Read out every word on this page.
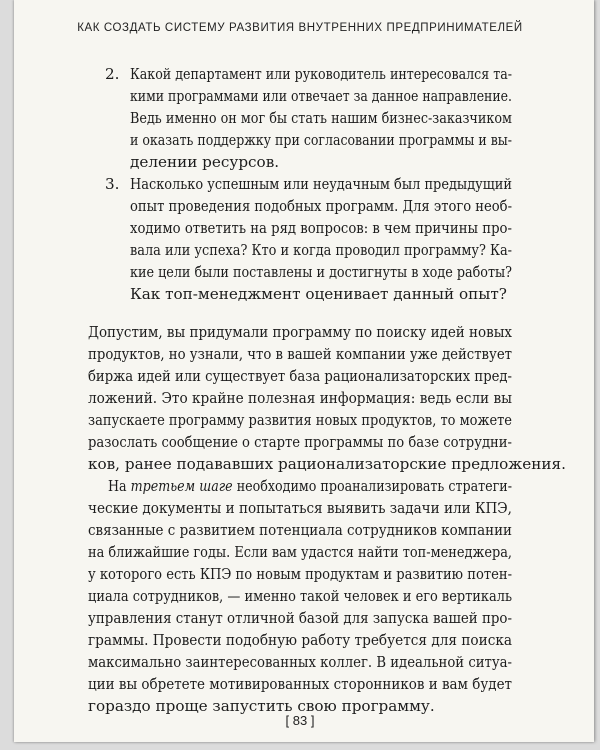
КАК СОЗДАТЬ СИСТЕМУ РАЗВИТИЯ ВНУТРЕННИХ ПРЕДПРИНИМАТЕЛЕЙ
2. Какой департамент или руководитель интересовался та-
кими программами или отвечает за данное направление.
Ведь именно он мог бы стать нашим бизнес-заказчиком
и оказать поддержку при согласовании программы и вы-
делении ресурсов.
3. Насколько успешным или неудачным был предыдущий
опыт проведения подобных программ. Для этого необ-
ходимо ответить на ряд вопросов: в чем причины про-
вала или успеха? Кто и когда проводил программу? Ка-
кие цели были поставлены и достигнуты в ходе работы?
Как топ-менеджмент оценивает данный опыт?
Допустим, вы придумали программу по поиску идей новых
продуктов, но узнали, что в вашей компании уже действует
биржа идей или существует база рационализаторских пред-
ложений. Это крайне полезная информация: ведь если вы
запускаете программу развития новых продуктов, то можете
разослать сообщение о старте программы по базе сотрудни-
ков, ранее подававших рационализаторские предложения.
На третьем шаге необходимо проанализировать стратеги-
ческие документы и попытаться выявить задачи или КПЭ,
связанные с развитием потенциала сотрудников компании
на ближайшие годы. Если вам удастся найти топ-менеджера,
у которого есть КПЭ по новым продуктам и развитию потен-
циала сотрудников, — именно такой человек и его вертикаль
управления станут отличной базой для запуска вашей про-
граммы. Провести подобную работу требуется для поиска
максимально заинтересованных коллег. В идеальной ситуа-
ции вы обретете мотивированных сторонников и вам будет
гораздо проще запустить свою программу.
[ 83 ]
